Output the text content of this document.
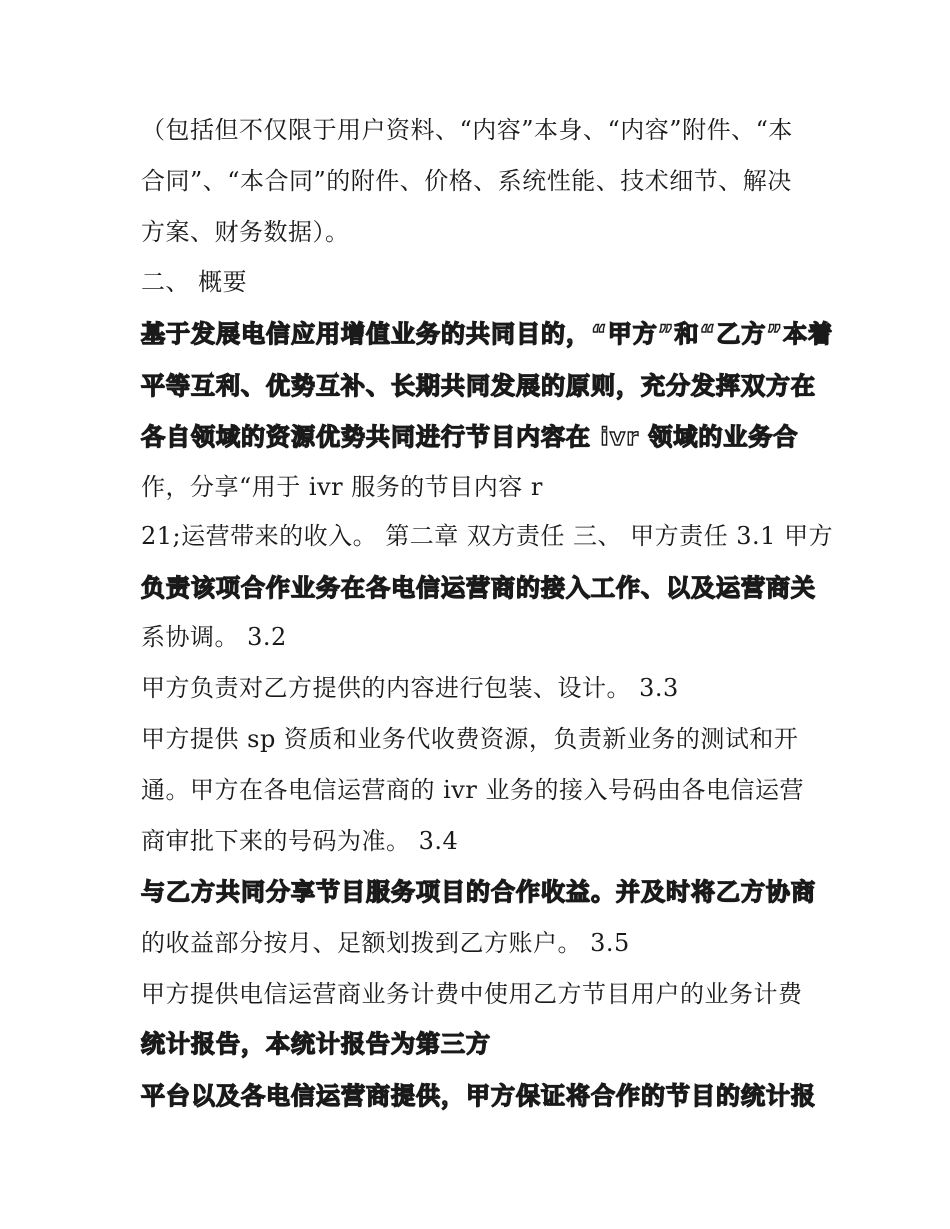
（包括但不仅限于用户资料、“内容”本身、“内容”附件、“本
合同”、“本合同”的附件、价格、系统性能、技术细节、解决
方案、财务数据）。
二、 概要
基于发展电信应用增值业务的共同目的，“甲方”和“乙方”本着
平等互利、优势互补、长期共同发展的原则，充分发挥双方在
各自领域的资源优势共同进行节目内容在 ivr 领域的业务合
作，分享“用于 ivr 服务的节目内容 r
21;运营带来的收入。 第二章 双方责任 三、 甲方责任 3.1 甲方
负责该项合作业务在各电信运营商的接入工作、以及运营商关
系协调。 3.2
甲方负责对乙方提供的内容进行包装、设计。 3.3
甲方提供 sp 资质和业务代收费资源，负责新业务的测试和开
通。甲方在各电信运营商的 ivr 业务的接入号码由各电信运营
商审批下来的号码为准。 3.4
与乙方共同分享节目服务项目的合作收益。并及时将乙方协商
的收益部分按月、足额划拨到乙方账户。 3.5
甲方提供电信运营商业务计费中使用乙方节目用户的业务计费
统计报告，本统计报告为第三方
平台以及各电信运营商提供，甲方保证将合作的节目的统计报
